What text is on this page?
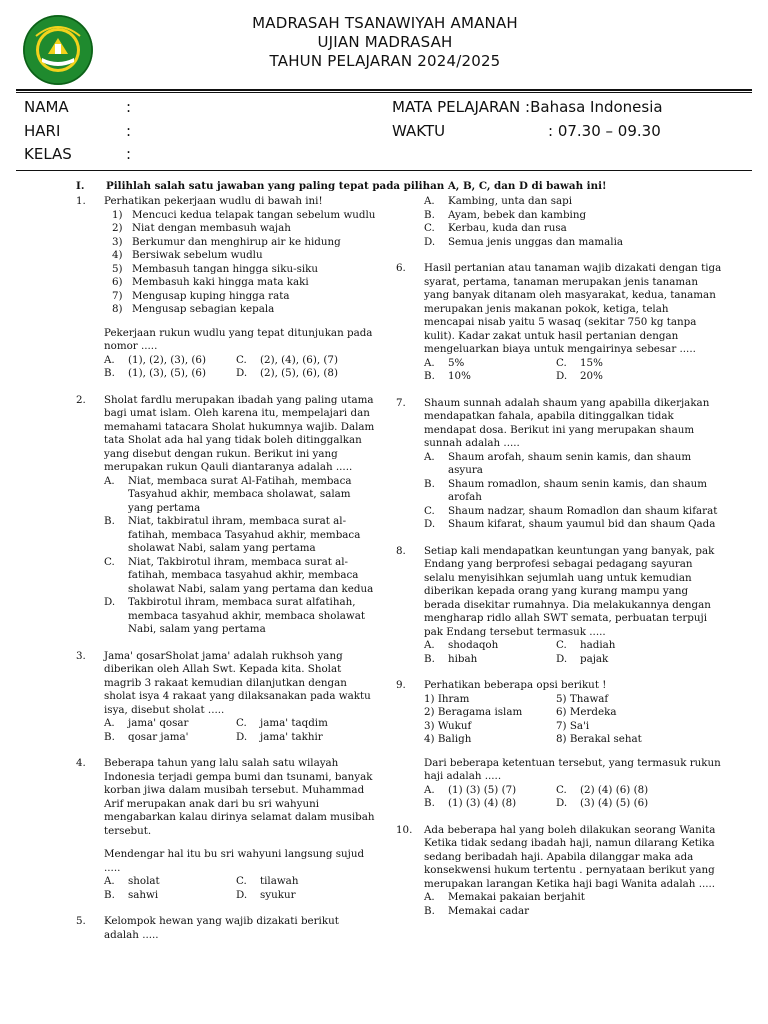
MADRASAH TSANAWIYAH AMANAH
UJIAN MADRASAH
TAHUN PELAJARAN 2024/2025
NAMA	:
HARI	:
KELAS	:
MATA PELAJARAN :Bahasa Indonesia
WAKTU	: 07.30 – 09.30
I. Pilihlah salah satu jawaban yang paling tepat pada pilihan A, B, C, dan D di bawah ini!
1. Perhatikan pekerjaan wudlu di bawah ini!

1) Mencuci kedua telapak tangan sebelum wudlu
2) Niat dengan membasuh wajah
3) Berkumur dan menghirup air ke hidung
4) Bersiwak sebelum wudlu
5) Membasuh tangan hingga siku-siku
6) Membasuh kaki hingga mata kaki
7) Mengusap kuping hingga rata
8) Mengusap sebagian kepala

Pekerjaan rukun wudlu yang tepat ditunjukan pada nomor .....

A. (1), (2), (3), (6)	C. (2), (4), (6), (7)
B. (1), (3), (5), (6)	D. (2), (5), (6), (8)
2. Sholat fardlu merupakan ibadah yang paling utama bagi umat islam. Oleh karena itu, mempelajari dan memahami tatacara Sholat hukumnya wajib. Dalam tata Sholat ada hal yang tidak boleh ditinggalkan yang disebut dengan rukun. Berikut ini yang merupakan rukun Qauli diantaranya adalah .....

A. Niat, membaca surat Al-Fatihah, membaca Tasyahud akhir, membaca sholawat, salam yang pertama
B. Niat, takbiratul ihram, membaca surat al-fatihah, membaca Tasyahud akhir, membaca sholawat Nabi, salam yang pertama
C. Niat, Takbirotul ihram, membaca surat al-fatihah, membaca tasyahud akhir, membaca sholawat Nabi, salam yang pertama dan kedua
D. Takbirotul ihram, membaca surat alfatihah, membaca tasyahud akhir, membaca sholawat Nabi, salam yang pertama
3. Jama' qosarSholat jama' adalah rukhsoh yang diberikan oleh Allah Swt. Kepada kita. Sholat magrib 3 rakaat kemudian dilanjutkan dengan sholat isya 4 rakaat yang dilaksanakan pada waktu isya, disebut sholat .....

A. jama' qosar	C. jama' taqdim
B. qosar jama'	D. jama' takhir
4. Beberapa tahun yang lalu salah satu wilayah Indonesia terjadi gempa bumi dan tsunami, banyak korban jiwa dalam musibah tersebut. Muhammad Arif merupakan anak dari bu sri wahyuni mengabarkan kalau dirinya selamat dalam musibah tersebut.

Mendengar hal itu bu sri wahyuni langsung sujud .....

A. sholat	C. tilawah
B. sahwi	D. syukur
5. Kelompok hewan yang wajib dizakati berikut adalah .....

A. Kambing, unta dan sapi
B. Ayam, bebek dan kambing
C. Kerbau, kuda dan rusa
D. Semua jenis unggas dan mamalia
6. Hasil pertanian atau tanaman wajib dizakati dengan tiga syarat, pertama, tanaman merupakan jenis tanaman yang banyak ditanam oleh masyarakat, kedua, tanaman merupakan jenis makanan pokok, ketiga, telah mencapai nisab yaitu 5 wasaq (sekitar 750 kg tanpa kulit). Kadar zakat untuk hasil pertanian dengan mengeluarkan biaya untuk mengairinya sebesar .....

A. 5%	C. 15%
B. 10%	D. 20%
7. Shaum sunnah adalah shaum yang apabilla dikerjakan mendapatkan fahala, apabila ditinggalkan tidak mendapat dosa. Berikut ini yang merupakan shaum sunnah adalah .....

A. Shaum arofah, shaum senin kamis, dan shaum asyura
B. Shaum romadlon, shaum senin kamis, dan shaum arofah
C. Shaum nadzar, shaum Romadlon dan shaum kifarat
D. Shaum kifarat, shaum yaumul bid dan shaum Qada
8. Setiap kali mendapatkan keuntungan yang banyak, pak Endang yang berprofesi sebagai pedagang sayuran selalu menyisihkan sejumlah uang untuk kemudian diberikan kepada orang yang kurang mampu yang berada disekitar rumahnya. Dia melakukannya dengan mengharap ridlo allah SWT semata, perbuatan terpuji pak Endang tersebut termasuk .....

A. shodaqoh	C. hadiah
B. hibah	D. pajak
9. Perhatikan beberapa opsi berikut !

1) Ihram	5) Thawaf
2) Beragama islam	6) Merdeka
3) Wukuf	7) Sa'i
4) Baligh	8) Berakal sehat

Dari beberapa ketentuan tersebut, yang termasuk rukun haji adalah .....

A. (1) (3) (5) (7)	C. (2) (4) (6) (8)
B. (1) (3) (4) (8)	D. (3) (4) (5) (6)
10. Ada beberapa hal yang boleh dilakukan seorang Wanita Ketika tidak sedang ibadah haji, namun dilarang Ketika sedang beribadah haji. Apabila dilanggar maka ada konsekwensi hukum tertentu . pernyataan berikut yang merupakan larangan Ketika haji bagi Wanita adalah .....

A. Memakai pakaian berjahit
B. Memakai cadar
